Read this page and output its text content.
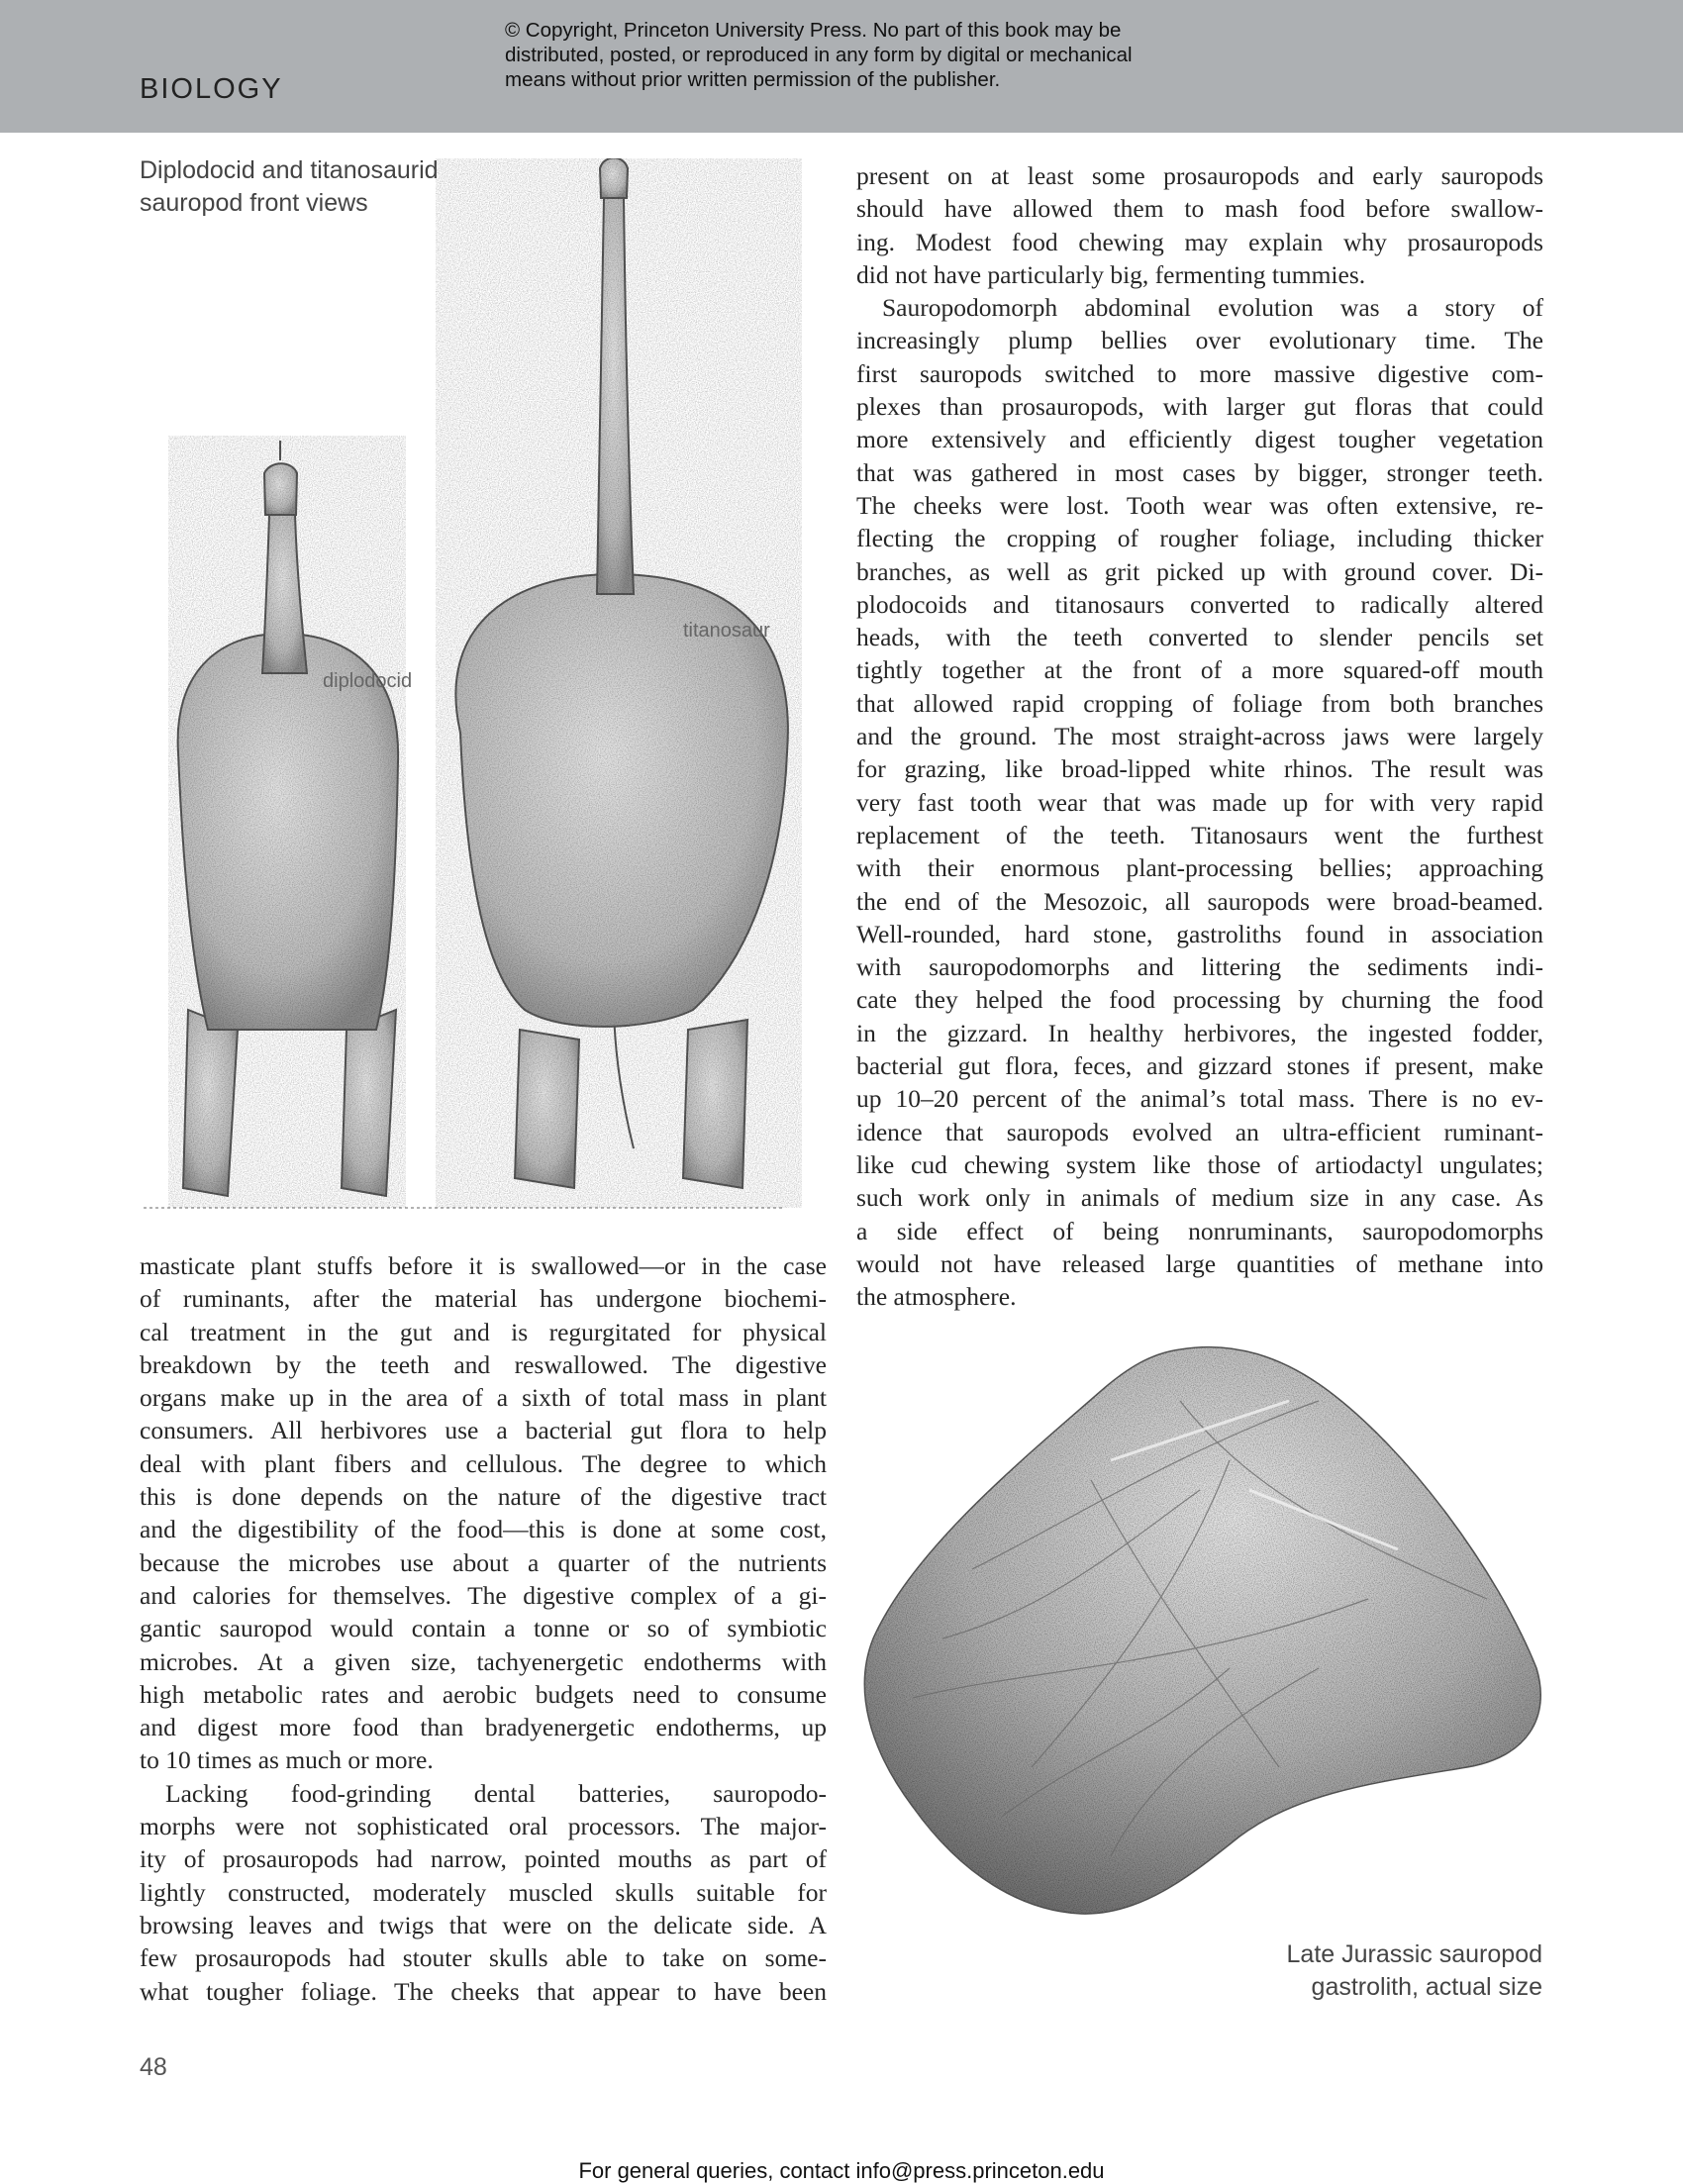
BIOLOGY
© Copyright, Princeton University Press. No part of this book may be
distributed, posted, or reproduced in any form by digital or mechanical
means without prior written permission of the publisher.
Diplodocid and titanosaurid
sauropod front views
diplodocid
titanosaur
present on at least some prosauropods and early sauropods
should have allowed them to mash food before swallow-
ing. Modest food chewing may explain why prosauropods
did not have particularly big, fermenting tummies.
Sauropodomorph abdominal evolution was a story of
increasingly plump bellies over evolutionary time. The
first sauropods switched to more massive digestive com-
plexes than prosauropods, with larger gut floras that could
more extensively and efficiently digest tougher vegetation
that was gathered in most cases by bigger, stronger teeth.
The cheeks were lost. Tooth wear was often extensive, re-
flecting the cropping of rougher foliage, including thicker
branches, as well as grit picked up with ground cover. Di-
plodocoids and titanosaurs converted to radically altered
heads, with the teeth converted to slender pencils set
tightly together at the front of a more squared-off mouth
that allowed rapid cropping of foliage from both branches
and the ground. The most straight-across jaws were largely
for grazing, like broad-lipped white rhinos. The result was
very fast tooth wear that was made up for with very rapid
replacement of the teeth. Titanosaurs went the furthest
with their enormous plant-processing bellies; approaching
the end of the Mesozoic, all sauropods were broad-beamed.
Well-rounded, hard stone, gastroliths found in association
with sauropodomorphs and littering the sediments indi-
cate they helped the food processing by churning the food
in the gizzard. In healthy herbivores, the ingested fodder,
bacterial gut flora, feces, and gizzard stones if present, make
up 10–20 percent of the animal’s total mass. There is no ev-
idence that sauropods evolved an ultra-efficient ruminant-
like cud chewing system like those of artiodactyl ungulates;
such work only in animals of medium size in any case. As
a side effect of being nonruminants, sauropodomorphs
would not have released large quantities of methane into
the atmosphere.
masticate plant stuffs before it is swallowed—or in the case
of ruminants, after the material has undergone biochemi-
cal treatment in the gut and is regurgitated for physical
breakdown by the teeth and reswallowed. The digestive
organs make up in the area of a sixth of total mass in plant
consumers. All herbivores use a bacterial gut flora to help
deal with plant fibers and cellulous. The degree to which
this is done depends on the nature of the digestive tract
and the digestibility of the food—this is done at some cost,
because the microbes use about a quarter of the nutrients
and calories for themselves. The digestive complex of a gi-
gantic sauropod would contain a tonne or so of symbiotic
microbes. At a given size, tachyenergetic endotherms with
high metabolic rates and aerobic budgets need to consume
and digest more food than bradyenergetic endotherms, up
to 10 times as much or more.
Lacking food-grinding dental batteries, sauropodo-
morphs were not sophisticated oral processors. The major-
ity of prosauropods had narrow, pointed mouths as part of
lightly constructed, moderately muscled skulls suitable for
browsing leaves and twigs that were on the delicate side. A
few prosauropods had stouter skulls able to take on some-
what tougher foliage. The cheeks that appear to have been
Late Jurassic sauropod
gastrolith, actual size
48
For general queries, contact info@press.princeton.edu
